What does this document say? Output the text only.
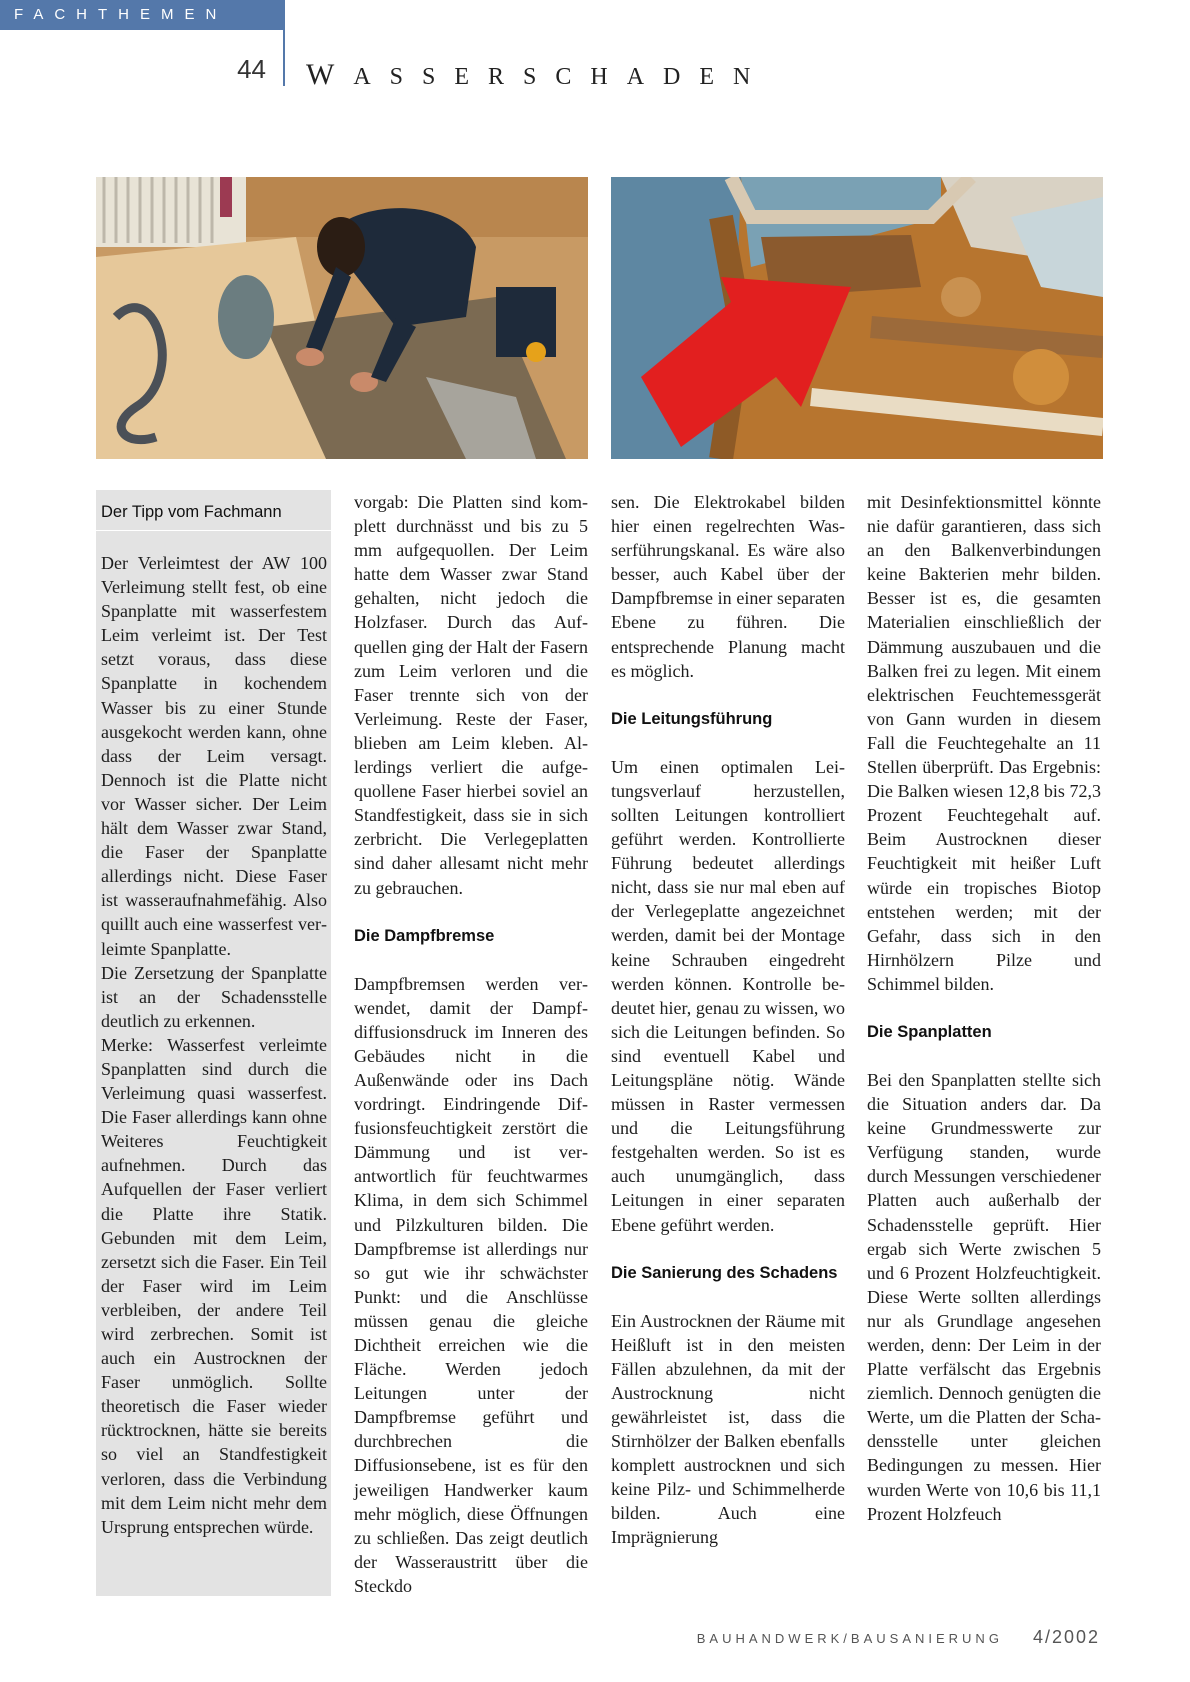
FACHTHEMEN
44 WASSERSCHADEN
Der Tipp vom Fachmann

Der Verleimtest der AW 100 Verleimung stellt fest, ob eine Spanplatte mit wasserfestem Leim verleimt ist. Der Test setzt voraus, dass diese Spanplatte in kochendem Wasser bis zu einer Stunde ausgekocht werden kann, ohne dass der Leim versagt. Dennoch ist die Platte nicht vor Wasser sicher. Der Leim hält dem Wasser zwar Stand, die Faser der Spanplatte allerdings nicht. Diese Faser ist wasseraufnahmefähig. Also quillt auch eine wasserfest verleimte Spanplatte.

Die Zersetzung der Spanplatte ist an der Schadensstelle deutlich zu erkennen.

Merke: Wasserfest verleimte Spanplatten sind durch die Verleimung quasi wasserfest. Die Faser allerdings kann ohne Weiteres Feuchtigkeit aufnehmen. Durch das Aufquellen der Faser verliert die Platte ihre Statik. Gebunden mit dem Leim, zersetzt sich die Faser. Ein Teil der Faser wird im Leim verbleiben, der andere Teil wird zerbrechen. Somit ist auch ein Austrocknen der Faser unmöglich. Sollte theoretisch die Faser wieder rücktrocknen, hätte sie bereits so viel an Standfestigkeit verloren, dass die Verbindung mit dem Leim nicht mehr dem Ursprung entsprechen würde.

vorgab: Die Platten sind komplett durchnässt und bis zu 5 mm aufgequollen. Der Leim hatte dem Wasser zwar Stand gehalten, nicht jedoch die Holzfaser. Durch das Aufquellen ging der Halt der Fasern zum Leim verloren und die Faser trennte sich von der Verleimung. Reste der Faser, blieben am Leim kleben. Allerdings verliert die aufgequollene Faser hierbei soviel an Standfestigkeit, dass sie in sich zerbricht. Die Verlegeplatten sind daher allesamt nicht mehr zu gebrauchen.

Die Dampfbremse

Dampfbremsen werden verwendet, damit der Dampfdiffusionsdruck im Inneren des Gebäudes nicht in die Außenwände oder ins Dach vordringt. Eindringende Diffusionsfeuchtigkeit zerstört die Dämmung und ist verantwortlich für feuchtwarmes Klima, in dem sich Schimmel und Pilzkulturen bilden. Die Dampfbremse ist allerdings nur so gut wie ihr schwächster Punkt: und die Anschlüsse müssen genau die gleiche Dichtheit erreichen wie die Fläche. Werden jedoch Leitungen unter der Dampfbremse geführt und durchbrechen die Diffusionsebene, ist es für den jeweiligen Handwerker kaum mehr möglich, diese Öffnungen zu schließen. Das zeigt deutlich der Wasseraustritt über die Steckdo

sen. Die Elektrokabel bilden hier einen regelrechten Wasserführungskanal. Es wäre also besser, auch Kabel über der Dampfbremse in einer separaten Ebene zu führen. Die entsprechende Planung macht es möglich.

Die Leitungsführung

Um einen optimalen Leitungsverlauf herzustellen, sollten Leitungen kontrolliert geführt werden. Kontrollierte Führung bedeutet allerdings nicht, dass sie nur mal eben auf der Verlegeplatte angezeichnet werden, damit bei der Montage keine Schrauben eingedreht werden können. Kontrolle bedeutet hier, genau zu wissen, wo sich die Leitungen befinden. So sind eventuell Kabel und Leitungspläne nötig. Wände müssen in Raster vermessen und die Leitungsführung festgehalten werden. So ist es auch unumgänglich, dass Leitungen in einer separaten Ebene geführt werden.

Die Sanierung des Schadens

Ein Austrocknen der Räume mit Heißluft ist in den meisten Fällen abzulehnen, da mit der Austrocknung nicht gewährleistet ist, dass die Stirnhölzer der Balken ebenfalls komplett austrocknen und sich keine Pilz- und Schimmelherde bilden. Auch eine Imprägnierung

mit Desinfektionsmittel könnte nie dafür garantieren, dass sich an den Balkenverbindungen keine Bakterien mehr bilden. Besser ist es, die gesamten Materialien einschließlich der Dämmung auszubauen und die Balken frei zu legen. Mit einem elektrischen Feuchtemessgerät von Gann wurden in diesem Fall die Feuchtegehalte an 11 Stellen überprüft. Das Ergebnis: Die Balken wiesen 12,8 bis 72,3 Prozent Feuchtegehalt auf. Beim Austrocknen dieser Feuchtigkeit mit heißer Luft würde ein tropisches Biotop entstehen werden; mit der Gefahr, dass sich in den Hirnhölzern Pilze und Schimmel bilden.

Die Spanplatten

Bei den Spanplatten stellte sich die Situation anders dar. Da keine Grundmesswerte zur Verfügung standen, wurde durch Messungen verschiedener Platten auch außerhalb der Schadensstelle geprüft. Hier ergab sich Werte zwischen 5 und 6 Prozent Holzfeuchtigkeit. Diese Werte sollten allerdings nur als Grundlage angesehen werden, denn: Der Leim in der Platte verfälscht das Ergebnis ziemlich. Dennoch genügten die Werte, um die Platten der Schadensstelle unter gleichen Bedingungen zu messen. Hier wurden Werte von 10,6 bis 11,1 Prozent Holzfeuch

BAUHANDWERK/BAUSANIERUNG 4/2002
